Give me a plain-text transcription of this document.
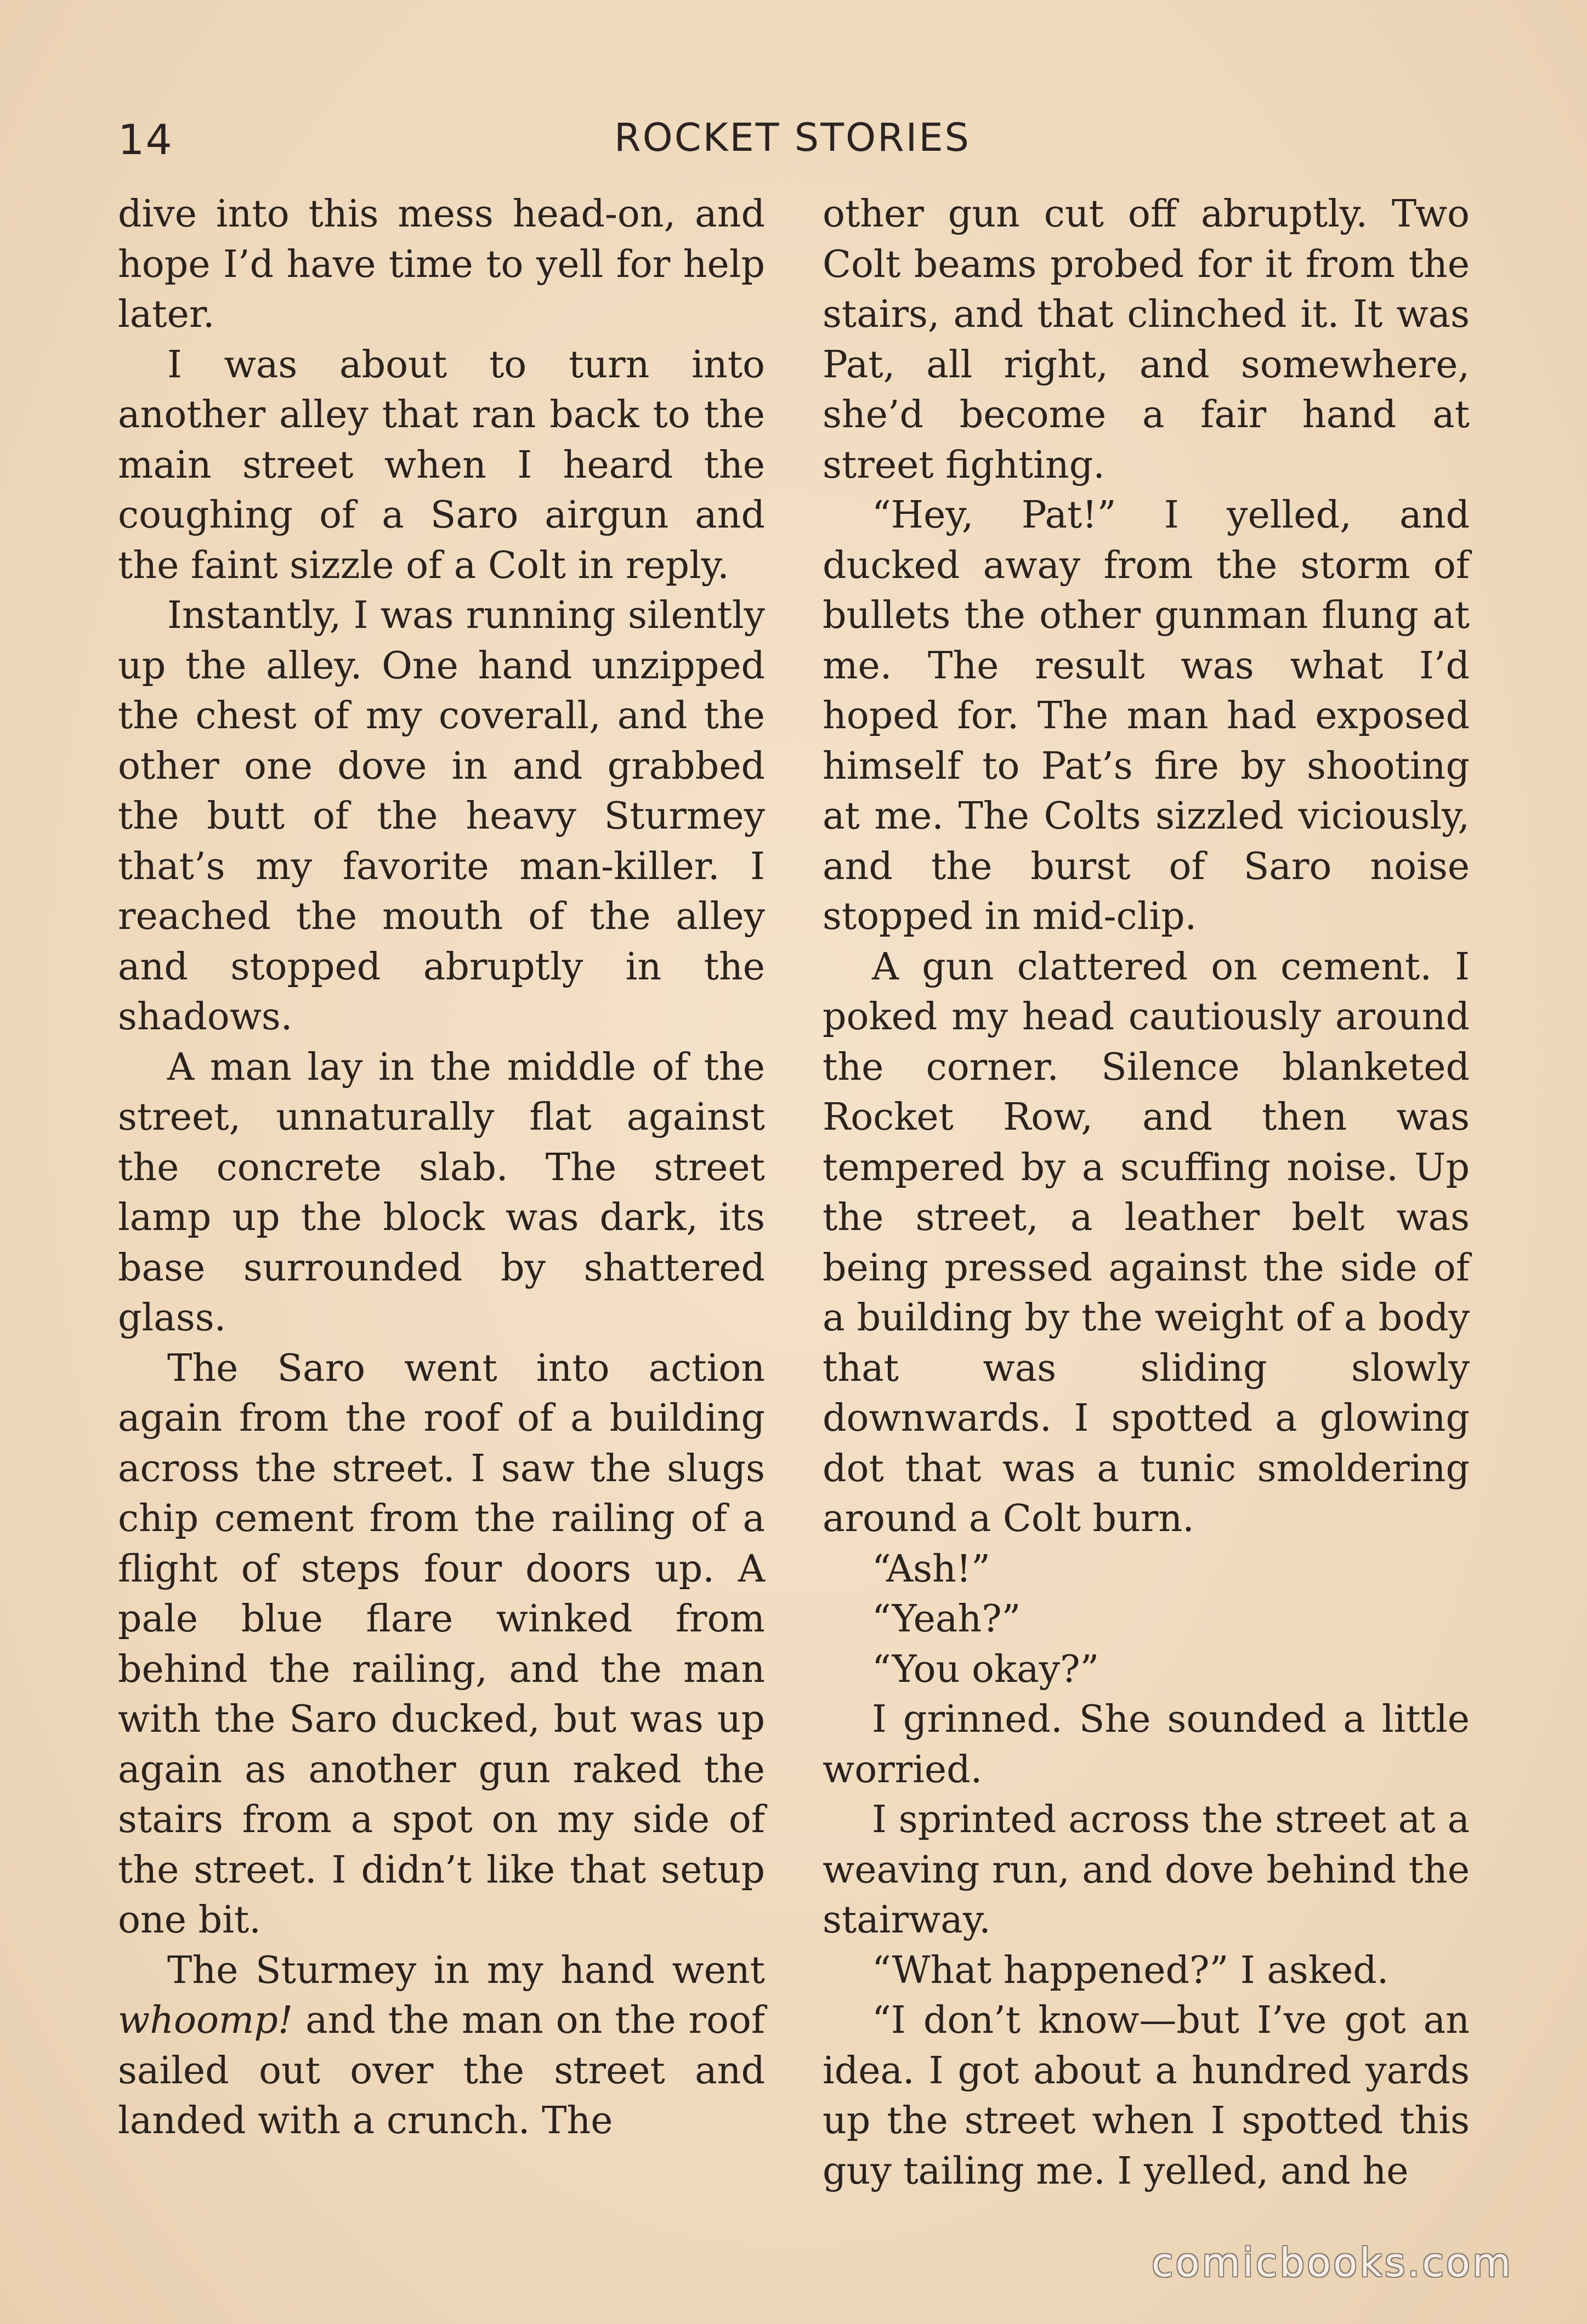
14	ROCKET STORIES

dive into this mess head-on, and hope I’d have time to yell for help later.

I was about to turn into another alley that ran back to the main street when I heard the coughing of a Saro airgun and the faint sizzle of a Colt in reply.

Instantly, I was running silently up the alley. One hand unzipped the chest of my coverall, and the other one dove in and grabbed the butt of the heavy Sturmey that’s my favorite man-killer. I reached the mouth of the alley and stopped abruptly in the shadows.

A man lay in the middle of the street, unnaturally flat against the concrete slab. The street lamp up the block was dark, its base surrounded by shattered glass.

The Saro went into action again from the roof of a building across the street. I saw the slugs chip cement from the railing of a flight of steps four doors up. A pale blue flare winked from behind the railing, and the man with the Saro ducked, but was up again as another gun raked the stairs from a spot on my side of the street. I didn’t like that setup one bit.

The Sturmey in my hand went whoomp! and the man on the roof sailed out over the street and landed with a crunch. The

other gun cut off abruptly. Two Colt beams probed for it from the stairs, and that clinched it. It was Pat, all right, and somewhere, she’d become a fair hand at street fighting.

“Hey, Pat!” I yelled, and ducked away from the storm of bullets the other gunman flung at me. The result was what I’d hoped for. The man had exposed himself to Pat’s fire by shooting at me. The Colts sizzled viciously, and the burst of Saro noise stopped in mid-clip.

A gun clattered on cement. I poked my head cautiously around the corner. Silence blanketed Rocket Row, and then was tempered by a scuffing noise. Up the street, a leather belt was being pressed against the side of a building by the weight of a body that was sliding slowly downwards. I spotted a glowing dot that was a tunic smoldering around a Colt burn.

“Ash!”

“Yeah?”

“You okay?”

I grinned. She sounded a little worried.

I sprinted across the street at a weaving run, and dove behind the stairway.

“What happened?” I asked.

“I don’t know—but I’ve got an idea. I got about a hundred yards up the street when I spotted this guy tailing me. I yelled, and he

comicbooks.com
